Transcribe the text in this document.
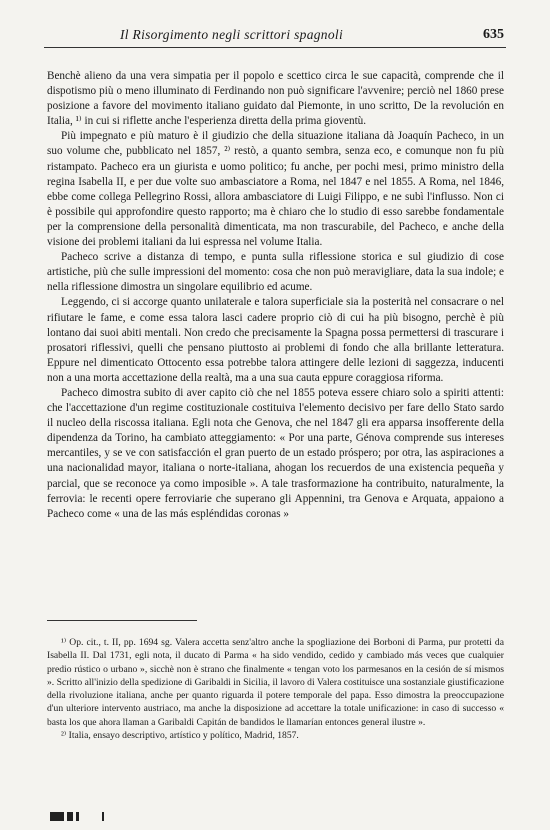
Il Risorgimento negli scrittori spagnoli	635

Benchè alieno da una vera simpatia per il popolo e scettico circa le sue capacità, comprende che il dispotismo più o meno illuminato di Ferdinando non può significare l'avvenire; perciò nel 1860 prese posizione a favore del movimento italiano guidato dal Piemonte, in uno scritto, De la revolución en Italia, ¹⁾ in cui si riflette anche l'esperienza diretta della prima gioventù.

Più impegnato e più maturo è il giudizio che della situazione italiana dà Joaquín Pacheco, in un suo volume che, pubblicato nel 1857, ²⁾ restò, a quanto sembra, senza eco, e comunque non fu più ristampato. Pacheco era un giurista e uomo politico; fu anche, per pochi mesi, primo ministro della regina Isabella II, e per due volte suo ambasciatore a Roma, nel 1847 e nel 1855. A Roma, nel 1846, ebbe come collega Pellegrino Rossi, allora ambasciatore di Luigi Filippo, e ne subì l'influsso. Non ci è possibile qui approfondire questo rapporto; ma è chiaro che lo studio di esso sarebbe fondamentale per la comprensione della personalità dimenticata, ma non trascurabile, del Pacheco, e anche della visione dei problemi italiani da lui espressa nel volume Italia.

Pacheco scrive a distanza di tempo, e punta sulla riflessione storica e sul giudizio di cose artistiche, più che sulle impressioni del momento: cosa che non può meravigliare, data la sua indole; e nella riflessione dimostra un singolare equilibrio ed acume.

Leggendo, ci si accorge quanto unilaterale e talora superficiale sia la posterità nel consacrare o nel rifiutare le fame, e come essa talora lasci cadere proprio ciò di cui ha più bisogno, perchè è più lontano dai suoi abiti mentali. Non credo che precisamente la Spagna possa permettersi di trascurare i prosatori riflessivi, quelli che pensano piuttosto ai problemi di fondo che alla brillante letteratura. Eppure nel dimenticato Ottocento essa potrebbe talora attingere delle lezioni di saggezza, inducenti non a una morta accettazione della realtà, ma a una sua cauta eppure coraggiosa riforma.

Pacheco dimostra subito di aver capito ciò che nel 1855 poteva essere chiaro solo a spiriti attenti: che l'accettazione d'un regime costituzionale costituiva l'elemento decisivo per fare dello Stato sardo il nucleo della riscossa italiana. Egli nota che Genova, che nel 1847 gli era apparsa insofferente della dipendenza da Torino, ha cambiato atteggiamento: « Por una parte, Génova comprende sus intereses mercantiles, y se ve con satisfacción el gran puerto de un estado próspero; por otra, las aspiraciones a una nacionalidad mayor, italiana o norte-italiana, ahogan los recuerdos de una existencia pequeña y parcial, que se reconoce ya como imposible ». A tale trasformazione ha contribuito, naturalmente, la ferrovia: le recenti opere ferroviarie che superano gli Appennini, tra Genova e Arquata, appaiono a Pacheco come « una de las más espléndidas coronas »

¹⁾ Op. cit., t. II, pp. 1694 sg. Valera accetta senz'altro anche la spogliazione dei Borboni di Parma, pur protetti da Isabella II. Dal 1731, egli nota, il ducato di Parma « ha sido vendido, cedido y cambiado más veces que cualquier predio rústico o urbano », sicchè non è strano che finalmente « tengan voto los parmesanos en la cesión de sí mismos ». Scritto all'inizio della spedizione di Garibaldi in Sicilia, il lavoro di Valera costituisce una sostanziale giustificazione della rivoluzione italiana, anche per quanto riguarda il potere temporale del papa. Esso dimostra la preoccupazione d'un ulteriore intervento austriaco, ma anche la disposizione ad accettare la totale unificazione: in caso di successo « basta los que ahora llaman a Garibaldi Capitán de bandidos le llamarían entonces general ilustre ».

²⁾ Italia, ensayo descriptivo, artístico y político, Madrid, 1857.
